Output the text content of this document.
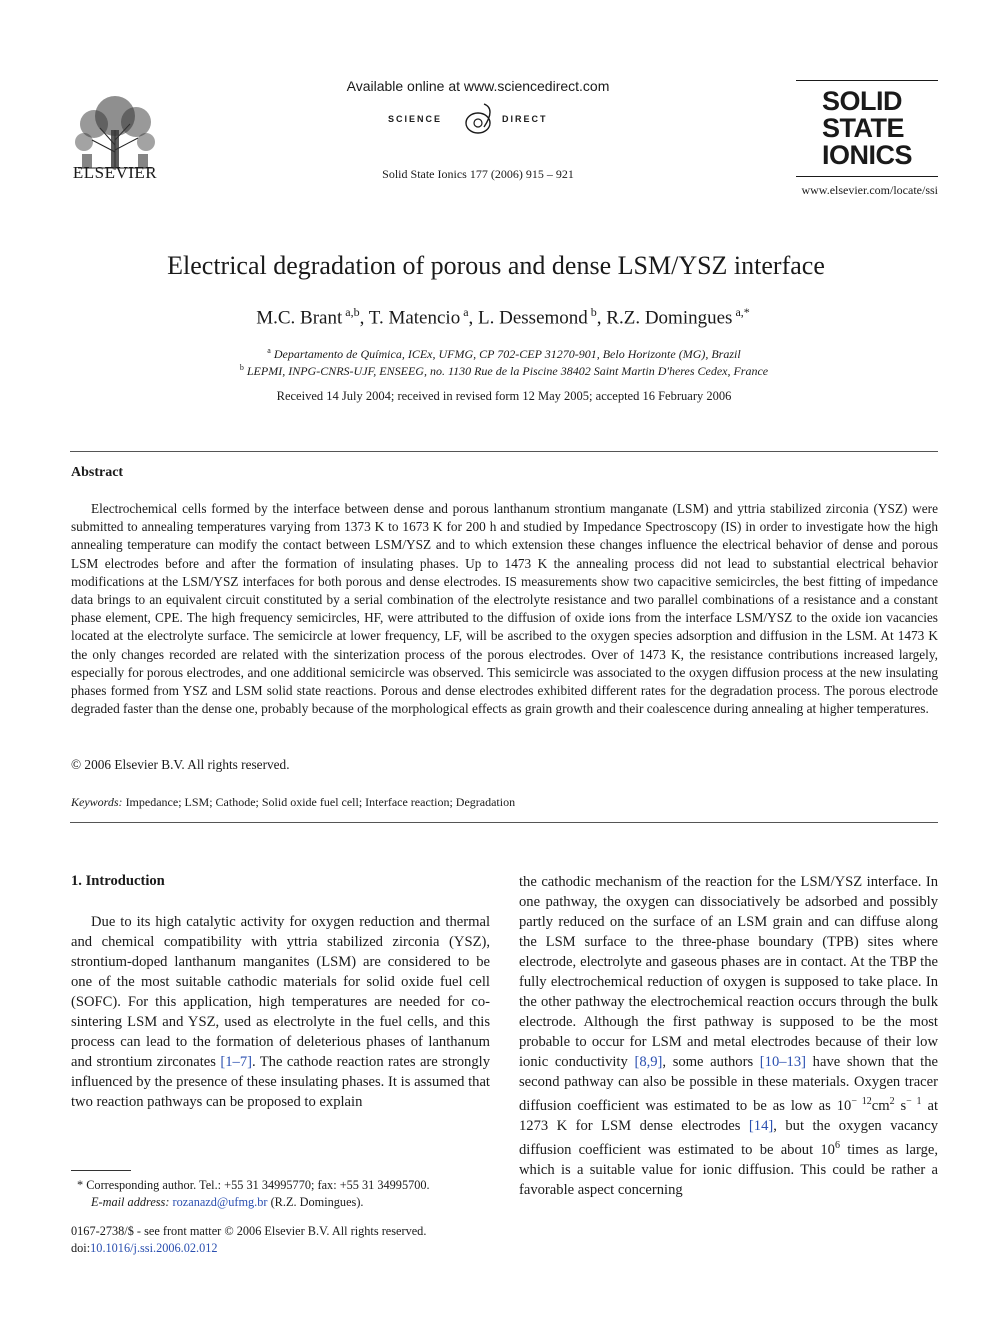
ELSEVIER
Available online at www.sciencedirect.com
SCIENCE	DIRECT
Solid State Ionics 177 (2006) 915 – 921
SOLID
STATE
IONICS
www.elsevier.com/locate/ssi
Electrical degradation of porous and dense LSM/YSZ interface
M.C. Brant $^{a,b}$, T. Matencio $^a$, L. Dessemond $^b$, R.Z. Domingues $^{a,*}$
$^a$ Departamento de Química, ICEx, UFMG, CP 702-CEP 31270-901, Belo Horizonte (MG), Brazil
$^b$ LEPMI, INPG-CNRS-UJF, ENSEEG, no. 1130 Rue de la Piscine 38402 Saint Martin D'heres Cedex, France
Received 14 July 2004; received in revised form 12 May 2005; accepted 16 February 2006
Abstract
Electrochemical cells formed by the interface between dense and porous lanthanum strontium manganate (LSM) and yttria stabilized zirconia (YSZ) were submitted to annealing temperatures varying from 1373 K to 1673 K for 200 h and studied by Impedance Spectroscopy (IS) in order to investigate how the high annealing temperature can modify the contact between LSM/YSZ and to which extension these changes influence the electrical behavior of dense and porous LSM electrodes before and after the formation of insulating phases. Up to 1473 K the annealing process did not lead to substantial electrical behavior modifications at the LSM/YSZ interfaces for both porous and dense electrodes. IS measurements show two capacitive semicircles, the best fitting of impedance data brings to an equivalent circuit constituted by a serial combination of the electrolyte resistance and two parallel combinations of a resistance and a constant phase element, CPE. The high frequency semicircles, HF, were attributed to the diffusion of oxide ions from the interface LSM/YSZ to the oxide ion vacancies located at the electrolyte surface. The semicircle at lower frequency, LF, will be ascribed to the oxygen species adsorption and diffusion in the LSM. At 1473 K the only changes recorded are related with the sinterization process of the porous electrodes. Over of 1473 K, the resistance contributions increased largely, especially for porous electrodes, and one additional semicircle was observed. This semicircle was associated to the oxygen diffusion process at the new insulating phases formed from YSZ and LSM solid state reactions. Porous and dense electrodes exhibited different rates for the degradation process. The porous electrode degraded faster than the dense one, probably because of the morphological effects as grain growth and their coalescence during annealing at higher temperatures.
© 2006 Elsevier B.V. All rights reserved.
Keywords: Impedance; LSM; Cathode; Solid oxide fuel cell; Interface reaction; Degradation
1. Introduction
Due to its high catalytic activity for oxygen reduction and thermal and chemical compatibility with yttria stabilized zirconia (YSZ), strontium-doped lanthanum manganites (LSM) are considered to be one of the most suitable cathodic materials for solid oxide fuel cell (SOFC). For this application, high temperatures are needed for co-sintering LSM and YSZ, used as electrolyte in the fuel cells, and this process can lead to the formation of deleterious phases of lanthanum and strontium zirconates [1–7]. The cathode reaction rates are strongly influenced by the presence of these insulating phases. It is assumed that two reaction pathways can be proposed to explain
the cathodic mechanism of the reaction for the LSM/YSZ interface. In one pathway, the oxygen can dissociatively be adsorbed and possibly partly reduced on the surface of an LSM grain and can diffuse along the LSM surface to the three-phase boundary (TPB) sites where electrode, electrolyte and gaseous phases are in contact. At the TBP the fully electrochemical reduction of oxygen is supposed to take place. In the other pathway the electrochemical reaction occurs through the bulk electrode. Although the first pathway is supposed to be the most probable to occur for LSM and metal electrodes because of their low ionic conductivity [8,9], some authors [10–13] have shown that the second pathway can also be possible in these materials. Oxygen tracer diffusion coefficient was estimated to be as low as $10^{- 12}cm^2$ $s^{- 1}$ at 1273 K for LSM dense electrodes [14], but the oxygen vacancy diffusion coefficient was estimated to be about $10^6$ times as large, which is a suitable value for ionic diffusion. This could be rather a favorable aspect concerning
* Corresponding author. Tel.: +55 31 34995770; fax: +55 31 34995700.
E-mail address: rozanazd@ufmg.br (R.Z. Domingues).
0167-2738/$ - see front matter © 2006 Elsevier B.V. All rights reserved.
doi:10.1016/j.ssi.2006.02.012
